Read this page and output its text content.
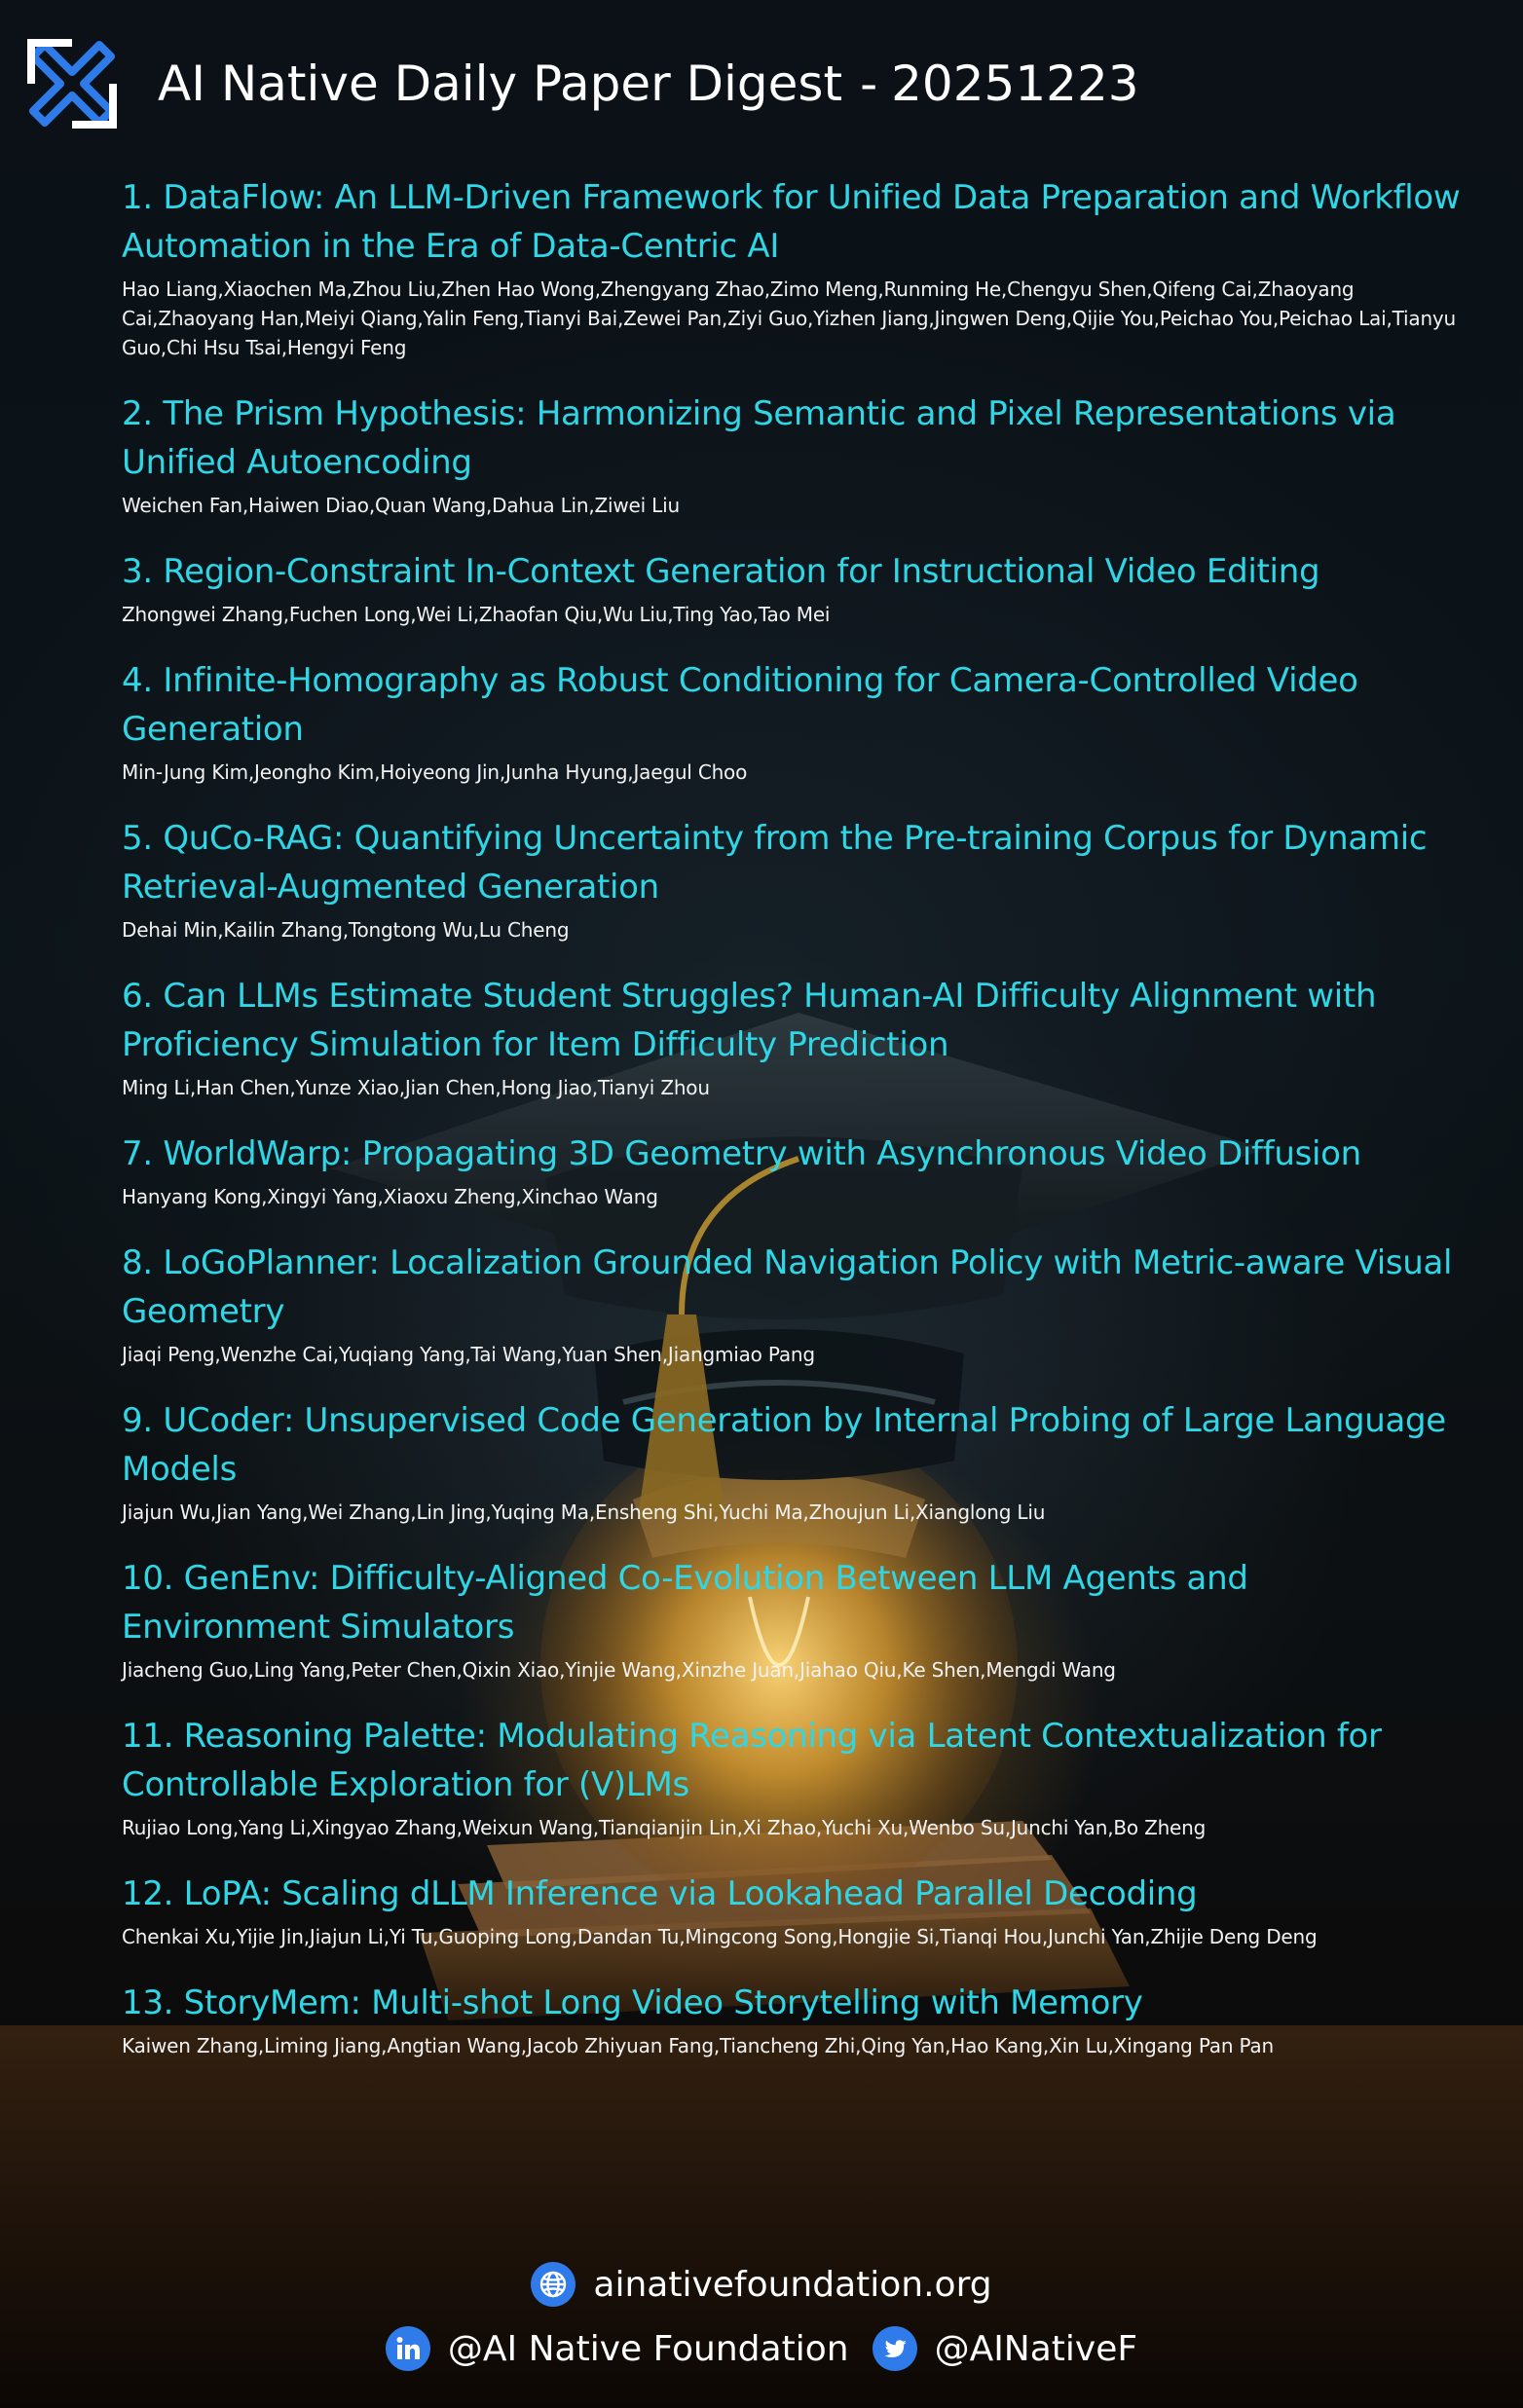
AI Native Daily Paper Digest - 20251223
1. DataFlow: An LLM-Driven Framework for Unified Data Preparation and Workflow Automation in the Era of Data-Centric AI
Hao Liang,Xiaochen Ma,Zhou Liu,Zhen Hao Wong,Zhengyang Zhao,Zimo Meng,Runming He,Chengyu Shen,Qifeng Cai,Zhaoyang Cai,Zhaoyang Han,Meiyi Qiang,Yalin Feng,Tianyi Bai,Zewei Pan,Ziyi Guo,Yizhen Jiang,Jingwen Deng,Qijie You,Peichao You,Peichao Lai,Tianyu Guo,Chi Hsu Tsai,Hengyi Feng
2. The Prism Hypothesis: Harmonizing Semantic and Pixel Representations via Unified Autoencoding
Weichen Fan,Haiwen Diao,Quan Wang,Dahua Lin,Ziwei Liu
3. Region-Constraint In-Context Generation for Instructional Video Editing
Zhongwei Zhang,Fuchen Long,Wei Li,Zhaofan Qiu,Wu Liu,Ting Yao,Tao Mei
4. Infinite-Homography as Robust Conditioning for Camera-Controlled Video Generation
Min-Jung Kim,Jeongho Kim,Hoiyeong Jin,Junha Hyung,Jaegul Choo
5. QuCo-RAG: Quantifying Uncertainty from the Pre-training Corpus for Dynamic Retrieval-Augmented Generation
Dehai Min,Kailin Zhang,Tongtong Wu,Lu Cheng
6. Can LLMs Estimate Student Struggles? Human-AI Difficulty Alignment with Proficiency Simulation for Item Difficulty Prediction
Ming Li,Han Chen,Yunze Xiao,Jian Chen,Hong Jiao,Tianyi Zhou
7. WorldWarp: Propagating 3D Geometry with Asynchronous Video Diffusion
Hanyang Kong,Xingyi Yang,Xiaoxu Zheng,Xinchao Wang
8. LoGoPlanner: Localization Grounded Navigation Policy with Metric-aware Visual Geometry
Jiaqi Peng,Wenzhe Cai,Yuqiang Yang,Tai Wang,Yuan Shen,Jiangmiao Pang
9. UCoder: Unsupervised Code Generation by Internal Probing of Large Language Models
Jiajun Wu,Jian Yang,Wei Zhang,Lin Jing,Yuqing Ma,Ensheng Shi,Yuchi Ma,Zhoujun Li,Xianglong Liu
10. GenEnv: Difficulty-Aligned Co-Evolution Between LLM Agents and Environment Simulators
Jiacheng Guo,Ling Yang,Peter Chen,Qixin Xiao,Yinjie Wang,Xinzhe Juan,Jiahao Qiu,Ke Shen,Mengdi Wang
11. Reasoning Palette: Modulating Reasoning via Latent Contextualization for Controllable Exploration for (V)LMs
Rujiao Long,Yang Li,Xingyao Zhang,Weixun Wang,Tianqianjin Lin,Xi Zhao,Yuchi Xu,Wenbo Su,Junchi Yan,Bo Zheng
12. LoPA: Scaling dLLM Inference via Lookahead Parallel Decoding
Chenkai Xu,Yijie Jin,Jiajun Li,Yi Tu,Guoping Long,Dandan Tu,Mingcong Song,Hongjie Si,Tianqi Hou,Junchi Yan,Zhijie Deng Deng
13. StoryMem: Multi-shot Long Video Storytelling with Memory
Kaiwen Zhang,Liming Jiang,Angtian Wang,Jacob Zhiyuan Fang,Tiancheng Zhi,Qing Yan,Hao Kang,Xin Lu,Xingang Pan Pan
ainativefoundation.org
@AI Native Foundation @AINativeF
